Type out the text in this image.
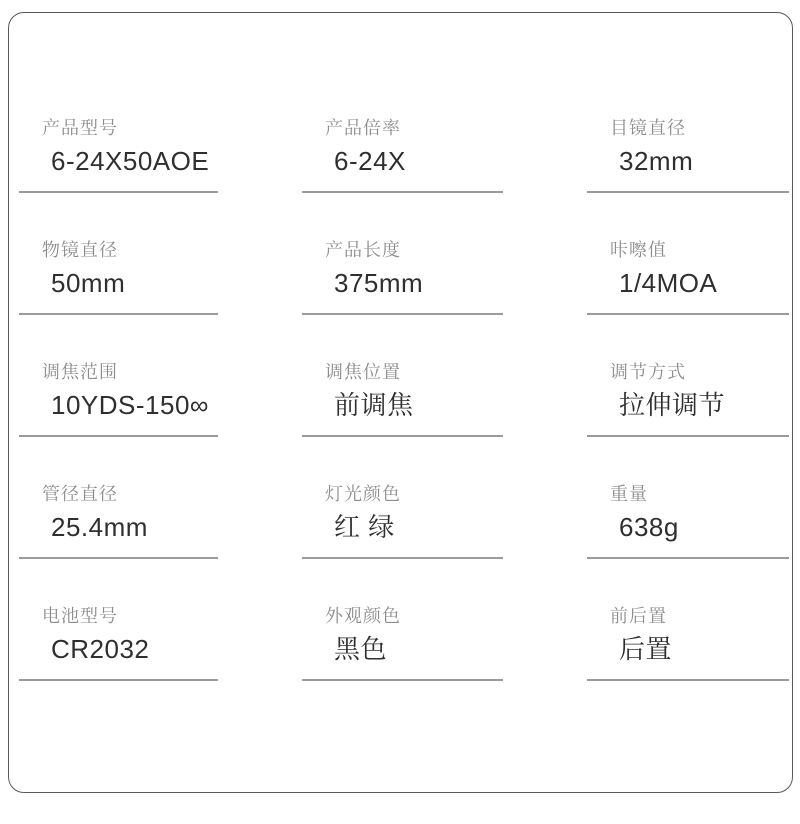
产品型号
6-24X50AOE
产品倍率
6-24X
目镜直径
32mm
物镜直径
50mm
产品长度
375mm
咔嚓值
1/4MOA
调焦范围
10YDS-150∞
调焦位置
前调焦
调节方式
拉伸调节
管径直径
25.4mm
灯光颜色
红 绿
重量
638g
电池型号
CR2032
外观颜色
黑色
前后置
后置
